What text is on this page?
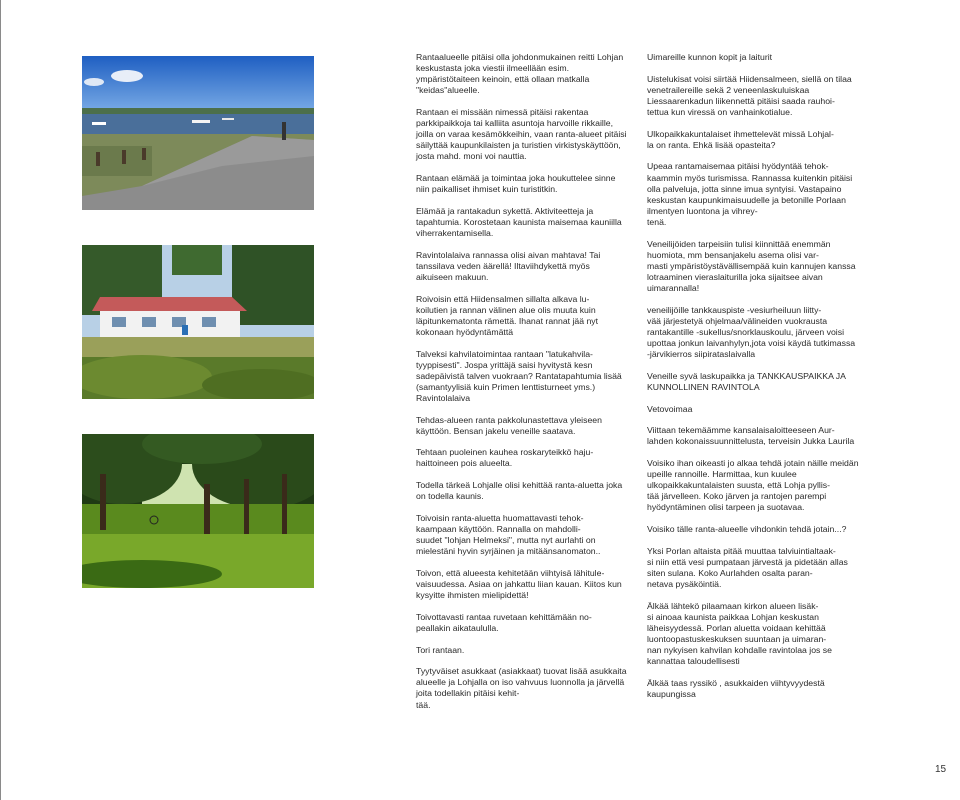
Rantaalueelle pitäisi olla johdonmukainen reitti Lohjan keskustasta joka viestii ilmeellään esim. ympäristötaiteen keinoin, että ollaan matkalla "keidas"alueelle.

Rantaan ei missään nimessä pitäisi rakentaa parkkipaikkoja tai kalliita asuntoja harvoille rikkaille, joilla on varaa kesämökkeihin, vaan ranta-alueet pitäisi säilyttää kaupunkilaisten ja turistien virkistyskäyttöön, josta mahd. moni voi nauttia.

Rantaan elämää ja toimintaa joka houkuttelee sinne niin paikalliset ihmiset kuin turistitkin.

Elämää ja rantakadun sykettä. Aktiviteetteja ja tapahtumia. Korostetaan kaunista maisemaa kauniilla viherrakentamisella.

Ravintolalaiva rannassa olisi aivan mahtava! Tai tanssilava veden äärellä! Iltaviihdykettä myös aikuiseen makuun.

Roivoisin että Hiidensalmen sillalta alkava lu-
koilutien ja rannan välinen alue olis muuta kuin läpitunkematonta rämettä. Ihanat rannat jää nyt kokonaan hyödyntämättä

Talveksi kahvilatoimintaa rantaan "latukahvila-
tyyppisesti". Jospa yrittäjä saisi hyvitystä kesn sadepäivistä talven vuokraan? Rantatapahtumia lisää (samantyylisiä kuin Primen lenttisturneet yms.) Ravintolalaiva

Tehdas-alueen ranta pakkolunastettava yleiseen käyttöön. Bensan jakelu veneille saatava.

Tehtaan puoleinen kauhea roskaryteikkö haju-
haittoineen pois alueelta.

Todella tärkeä Lohjalle olisi kehittää ranta-aluetta joka on todella kaunis.

Toivoisin ranta-aluetta huomattavasti tehok-
kaampaan käyttöön. Rannalla on mahdolli-
suudet "lohjan Helmeksi", mutta nyt aurlahti on mielestäni hyvin syrjäinen ja mitäänsanomaton..

Toivon, että alueesta kehitetään viihtyisä lähitule-
vaisuudessa. Asiaa on jahkattu liian kauan. Kiitos kun kysyitte ihmisten mielipidettä!

Toivottavasti rantaa ruvetaan kehittämään no-
peallakin aikataululla.

Tori rantaan.

Tyytyväiset asukkaat (asiakkaat) tuovat lisää asukkaita alueelle ja Lohjalla on iso vahvuus luonnolla ja järvellä joita todellakin pitäisi kehit-
tää.

Uimareille kunnon kopit ja laiturit

Uistelukisat voisi siirtää Hiidensalmeen, siellä on tilaa venetrailereille sekä 2 veneenlaskuluiskaa Liessaarenkadun liikennettä pitäisi saada rauhoi-
tettua kun viressä on vanhainkotialue.

Ulkopaikkakuntalaiset ihmettelevät missä Lohjal-
la on ranta. Ehkä lisää opasteita?

Upeaa rantamaisemaa pitäisi hyödyntää tehok-
kaammin myös turismissa. Rannassa kuitenkin pitäisi olla palveluja, jotta sinne imua syntyisi. Vastapaino keskustan kaupunkimaisuudelle ja betonille Porlaan ilmentyen luontona ja vihrey-
tenä.

Veneilijöiden tarpeisiin tulisi kiinnittää enemmän huomiota, mm bensanjakelu asema olisi var-
masti ympäristöystävällisempää kuin kannujen kanssa lotraaminen vieraslaiturilla joka sijaitsee aivan uimarannalla!

veneilijöille tankkauspiste -vesiurheiluun liitty-
vää järjestetyä ohjelmaa/välineiden vuokrausta rantakantille -sukellus/snorklauskoulu, järveen voisi upottaa jonkun laivanhylyn,jota voisi käydä tutkimassa -järvikierros siipirataslaivalla

Veneille syvä laskupaikka ja TANKKAUSPAIKKA JA KUNNOLLINEN RAVINTOLA

Vetovoimaa

Viittaan tekemäämme kansalaisaloitteeseen Aur-
lahden kokonaissuunnittelusta, terveisin Jukka Laurila

Voisiko ihan oikeasti jo alkaa tehdä jotain näille meidän upeille rannoille. Harmittaa, kun kuulee ulkopaikkakuntalaisten suusta, että Lohja pyllis-
tää järvelleen. Koko järven ja rantojen parempi hyödyntäminen olisi tarpeen ja suotavaa.

Voisiko tälle ranta-alueelle vihdonkin tehdä jotain...?

Yksi Porlan altaista pitää muuttaa talviuintialtaak-
si niin että vesi pumpataan järvestä ja pidetään allas siten sulana. Koko Aurlahden osalta paran-
netava pysäköintiä.

Älkää lähtekö pilaamaan kirkon alueen lisäk-
si ainoaa kaunista paikkaa Lohjan keskustan läheisyydessä. Porlan aluetta voidaan kehittää luontoopastuskeskuksen suuntaan ja uimaran-
nan nykyisen kahvilan kohdalle ravintolaa jos se kannattaa taloudellisesti

Älkää taas ryssikö , asukkaiden viihtyvyydestä kaupungissa

15
